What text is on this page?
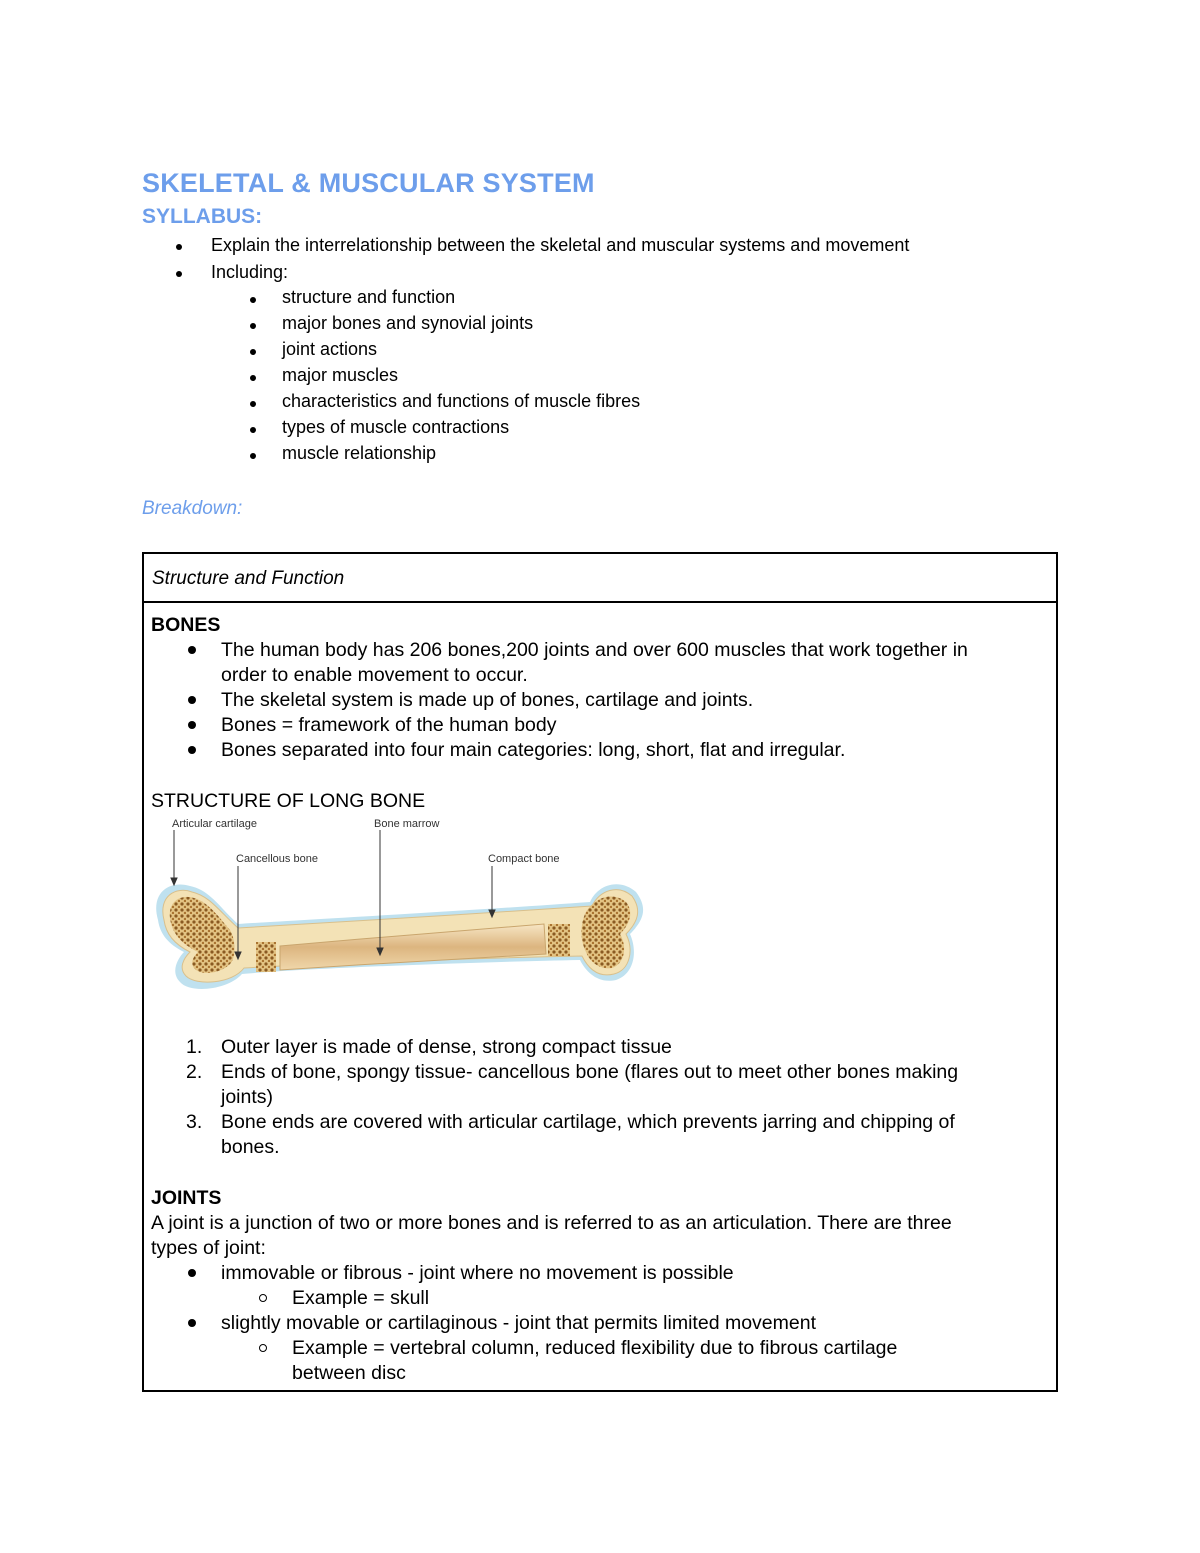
SKELETAL & MUSCULAR SYSTEM
SYLLABUS:
Explain the interrelationship between the skeletal and muscular systems and movement
Including:
structure and function
major bones and synovial joints
joint actions
major muscles
characteristics and functions of muscle fibres
types of muscle contractions
muscle relationship
Breakdown:
Structure and Function
BONES
The human body has 206 bones,200 joints and over 600 muscles that work together in
order to enable movement to occur.
The skeletal system is made up of bones, cartilage and joints.
Bones = framework of the human body
Bones separated into four main categories: long, short, flat and irregular.
STRUCTURE OF LONG BONE
Articular cartilage	Bone marrow
Cancellous bone	Compact bone
1. Outer layer is made of dense, strong compact tissue
2. Ends of bone, spongy tissue- cancellous bone (flares out to meet other bones making
joints)
3. Bone ends are covered with articular cartilage, which prevents jarring and chipping of
bones.
JOINTS
A joint is a junction of two or more bones and is referred to as an articulation. There are three
types of joint:
immovable or fibrous - joint where no movement is possible
Example = skull
slightly movable or cartilaginous - joint that permits limited movement
Example = vertebral column, reduced flexibility due to fibrous cartilage
between disc
